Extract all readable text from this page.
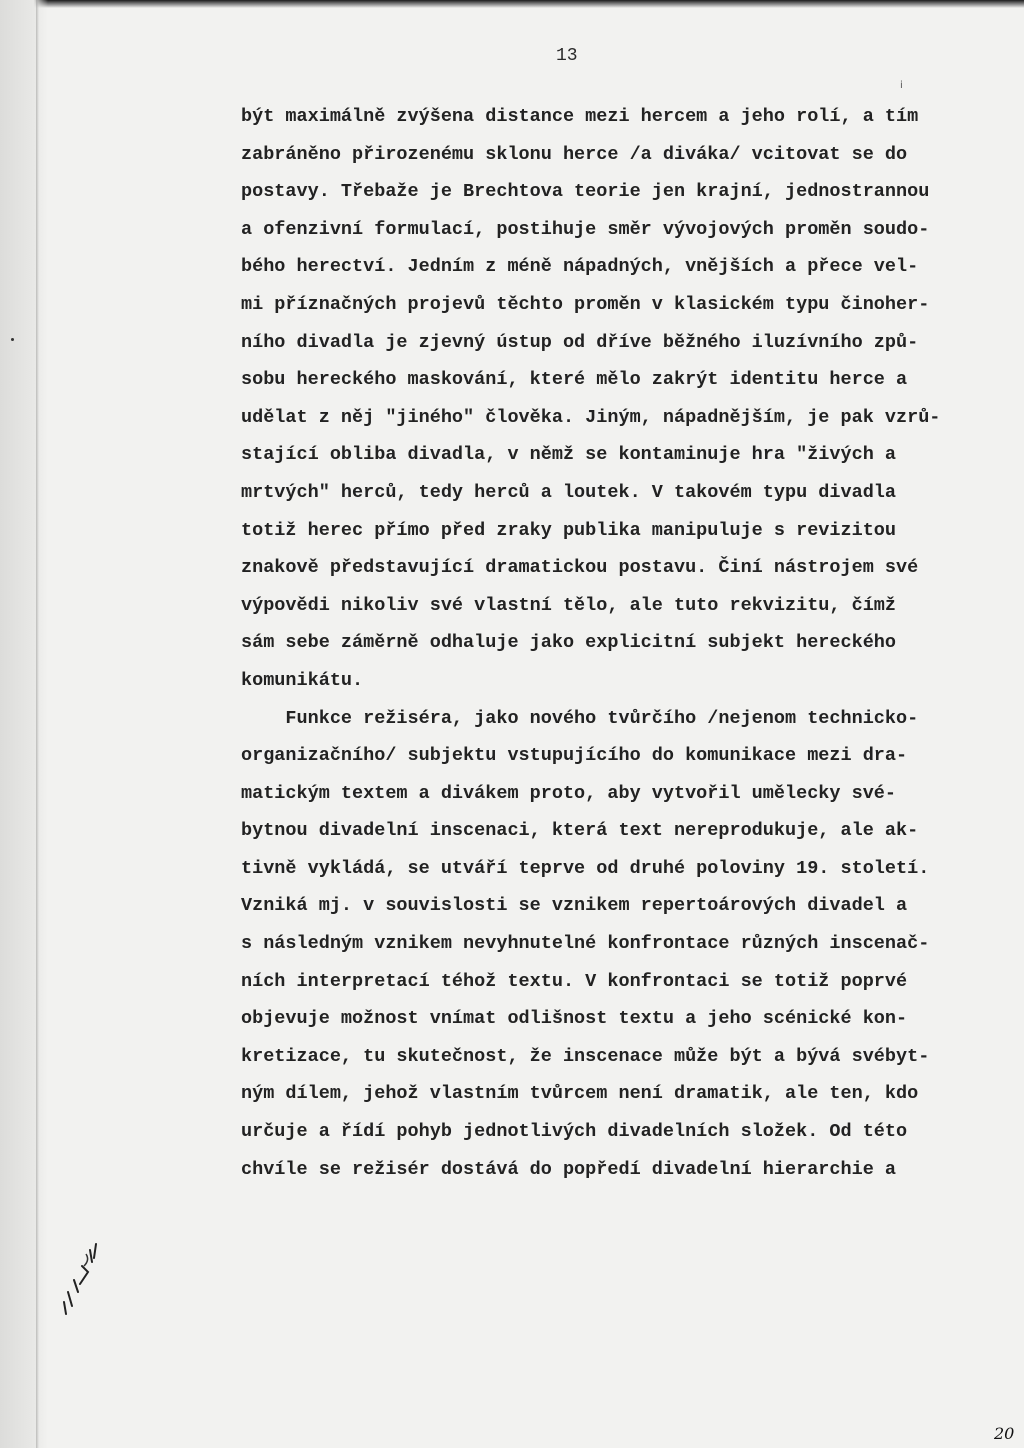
13
i
být maximálně zvýšena distance mezi hercem a jeho rolí, a tím
zabráněno přirozenému sklonu herce /a diváka/ vcitovat se do
postavy. Třebaže je Brechtova teorie jen krajní, jednostrannou
a ofenzivní formulací, postihuje směr vývojových proměn soudo-
bého herectví. Jedním z méně nápadných, vnějších a přece vel-
mi příznačných projevů těchto proměn v klasickém typu činoher-
ního divadla je zjevný ústup od dříve běžného iluzívního způ-
sobu hereckého maskování, které mělo zakrýt identitu herce a
udělat z něj "jiného" člověka. Jiným, nápadnějším, je pak vzrů-
stající obliba divadla, v němž se kontaminuje hra "živých a
mrtvých" herců, tedy herců a loutek. V takovém typu divadla
totiž herec přímo před zraky publika manipuluje s revizitou
znakově představující dramatickou postavu. Činí nástrojem své
výpovědi nikoliv své vlastní tělo, ale tuto rekvizitu, čímž
sám sebe záměrně odhaluje jako explicitní subjekt hereckého
komunikátu.
Funkce režiséra, jako nového tvůrčího /nejenom technicko-
organizačního/ subjektu vstupujícího do komunikace mezi dra-
matickým textem a divákem proto, aby vytvořil umělecky své-
bytnou divadelní inscenaci, která text nereprodukuje, ale ak-
tivně vykládá, se utváří teprve od druhé poloviny 19. století.
Vzniká mj. v souvislosti se vznikem repertoárových divadel a
s následným vznikem nevyhnutelné konfrontace různých inscenač-
ních interpretací téhož textu. V konfrontaci se totiž poprvé
objevuje možnost vnímat odlišnost textu a jeho scénické kon-
kretizace, tu skutečnost, že inscenace může být a bývá svébyt-
ným dílem, jehož vlastním tvůrcem není dramatik, ale ten, kdo
určuje a řídí pohyb jednotlivých divadelních složek. Od této
chvíle se režisér dostává do popředí divadelní hierarchie a
20
